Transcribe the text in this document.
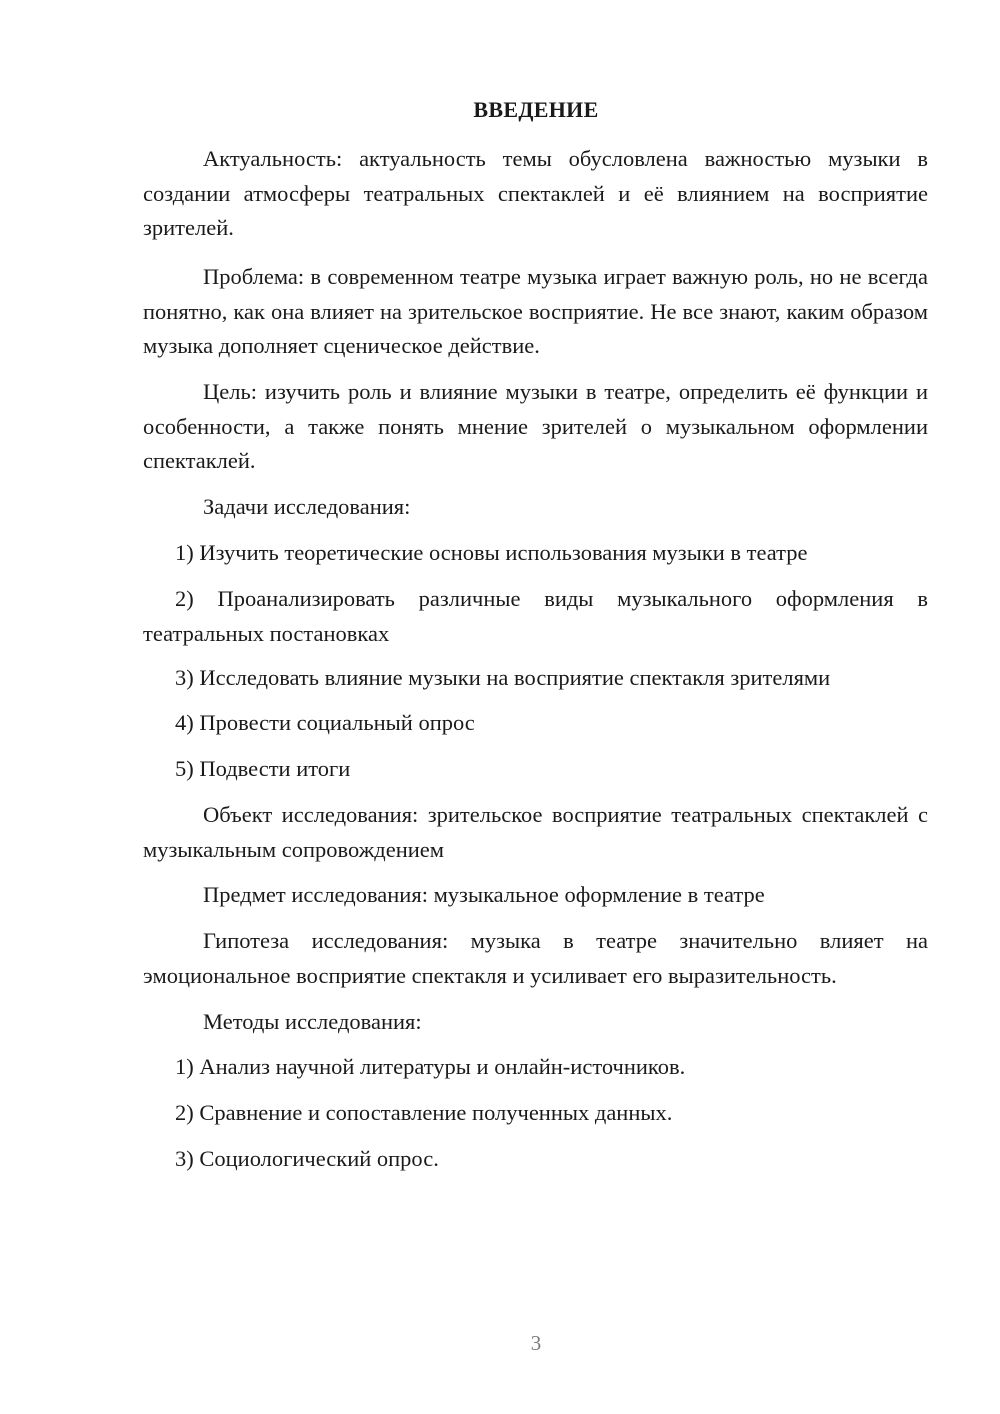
ВВЕДЕНИЕ

Актуальность: актуальность темы обусловлена важностью музыки в создании атмосферы театральных спектаклей и её влиянием на восприятие зрителей.

Проблема: в современном театре музыка играет важную роль, но не всегда понятно, как она влияет на зрительское восприятие. Не все знают, каким образом музыка дополняет сценическое действие.

Цель: изучить роль и влияние музыки в театре, определить её функции и особенности, а также понять мнение зрителей о музыкальном оформлении спектаклей.

Задачи исследования:

1) Изучить теоретические основы использования музыки в театре

2) Проанализировать различные виды музыкального оформления в театральных постановках

3) Исследовать влияние музыки на восприятие спектакля зрителями

4) Провести социальный опрос

5) Подвести итоги

Объект исследования: зрительское восприятие театральных спектаклей с музыкальным сопровождением

Предмет исследования: музыкальное оформление в театре

Гипотеза исследования: музыка в театре значительно влияет на эмоциональное восприятие спектакля и усиливает его выразительность.

Методы исследования:

1) Анализ научной литературы и онлайн-источников.

2) Сравнение и сопоставление полученных данных.

3) Социологический опрос.

3
